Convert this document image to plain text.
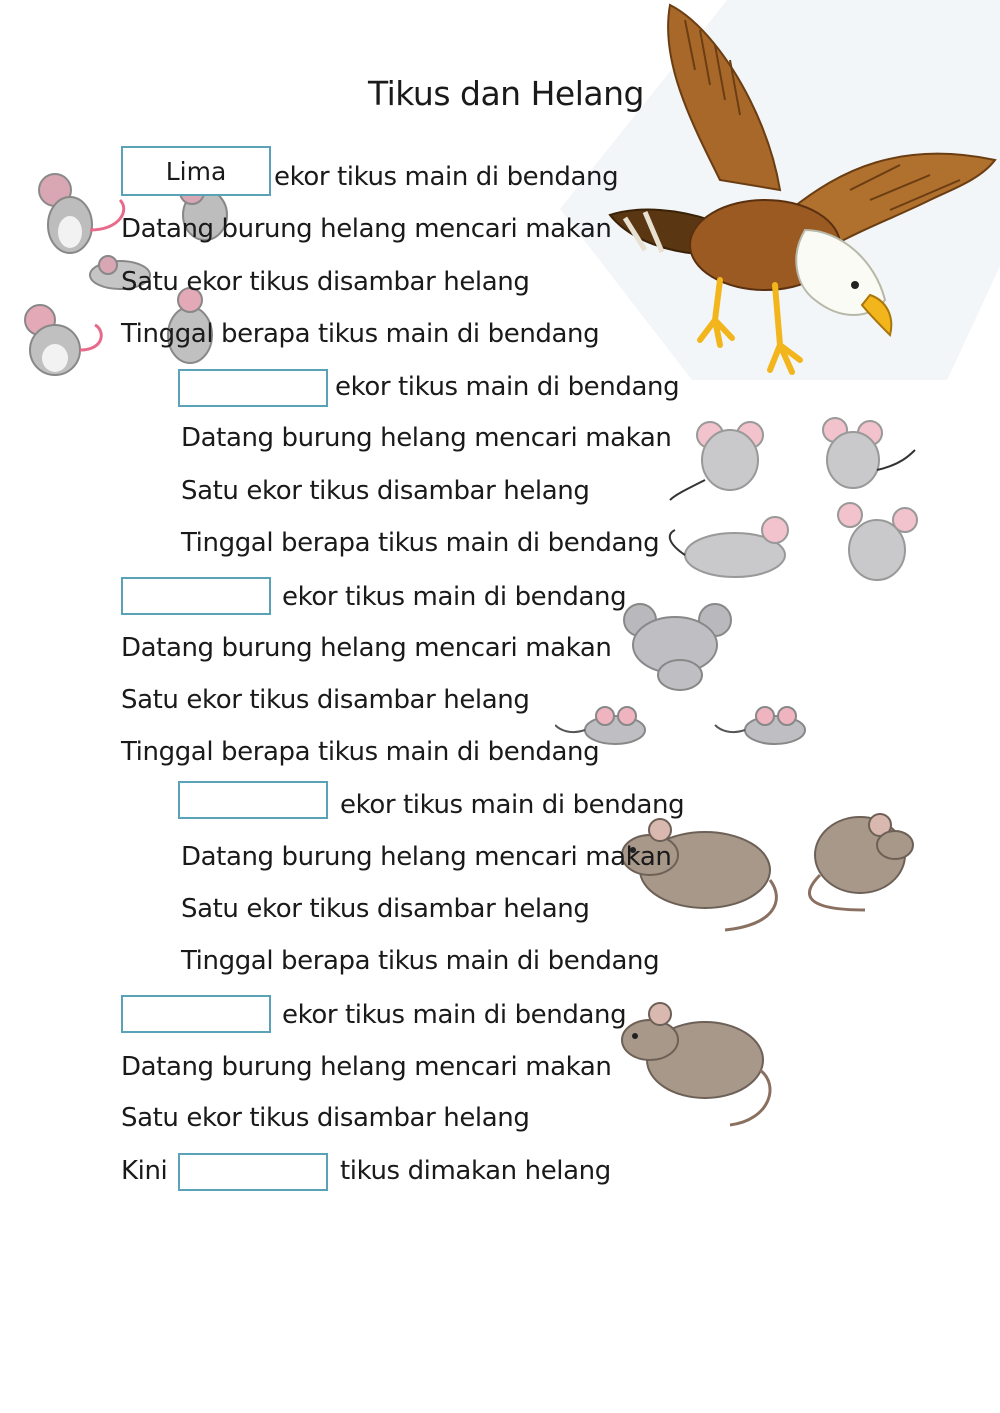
Tikus dan Helang
Lima
ekor tikus main di bendang
Datang burung helang mencari makan
Satu ekor tikus disambar helang
Tinggal berapa tikus main di bendang
ekor tikus main di bendang
Datang burung helang mencari makan
Satu ekor tikus disambar helang
Tinggal berapa tikus main di bendang
ekor tikus main di bendang
Datang burung helang mencari makan
Satu ekor tikus disambar helang
Tinggal berapa tikus main di bendang
ekor tikus main di bendang
Datang burung helang mencari makan
Satu ekor tikus disambar helang
Tinggal berapa tikus main di bendang
ekor tikus main di bendang
Datang burung helang mencari makan
Satu ekor tikus disambar helang
Kini	tikus dimakan helang
